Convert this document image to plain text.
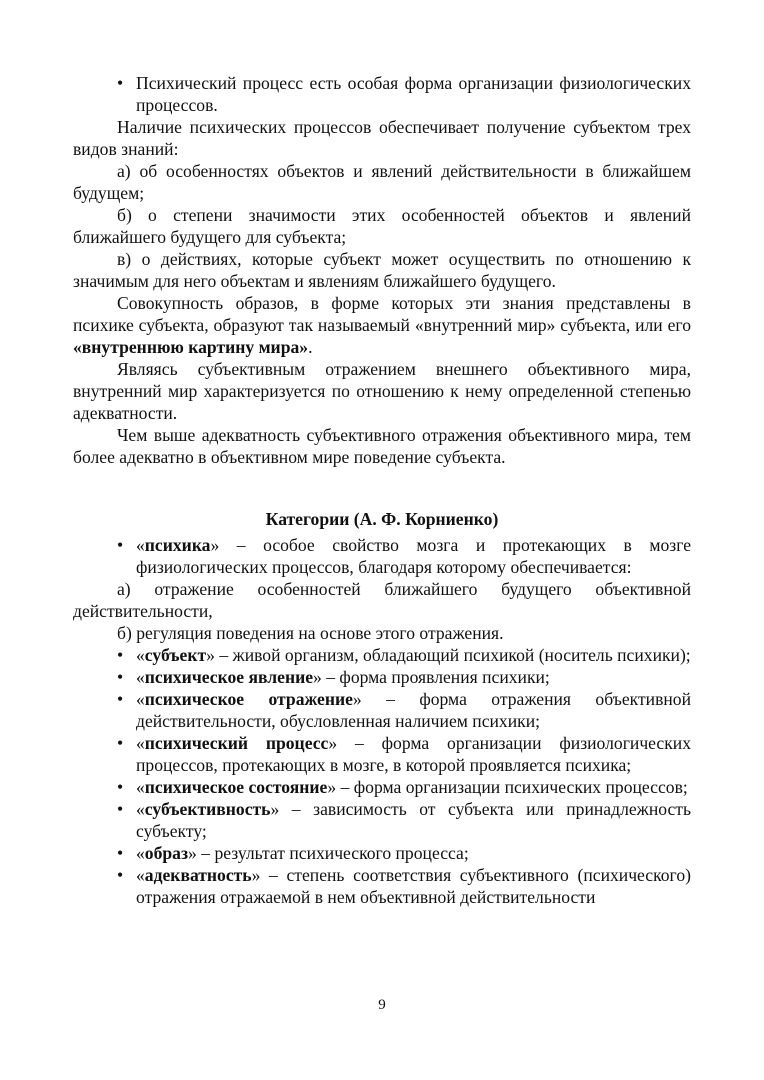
• Психический процесс есть особая форма организации физиологических процессов.

Наличие психических процессов обеспечивает получение субъектом трех видов знаний:

а) об особенностях объектов и явлений действительности в ближайшем будущем;

б) о степени значимости этих особенностей объектов и явлений ближайшего будущего для субъекта;

в) о действиях, которые субъект может осуществить по отношению к значимым для него объектам и явлениям ближайшего будущего.

Совокупность образов, в форме которых эти знания представлены в психике субъекта, образуют так называемый «внутренний мир» субъекта, или его «внутреннюю картину мира».

Являясь субъективным отражением внешнего объективного мира, внутренний мир характеризуется по отношению к нему определенной степенью адекватности.

Чем выше адекватность субъективного отражения объективного мира, тем более адекватно в объективном мире поведение субъекта.

Категории (А. Ф. Корниенко)

• «психика» – особое свойство мозга и протекающих в мозге физиологических процессов, благодаря которому обеспечивается:

а) отражение особенностей ближайшего будущего объективной действительности,

б) регуляция поведения на основе этого отражения.

• «субъект» – живой организм, обладающий психикой (носитель психики);

• «психическое явление» – форма проявления психики;

• «психическое отражение» – форма отражения объективной действительности, обусловленная наличием психики;

• «психический процесс» – форма организации физиологических процессов, протекающих в мозге, в которой проявляется психика;

• «психическое состояние» – форма организации психических процессов;

• «субъективность» – зависимость от субъекта или принадлежность субъекту;

• «образ» – результат психического процесса;

• «адекватность» – степень соответствия субъективного (психического) отражения отражаемой в нем объективной действительности

9
